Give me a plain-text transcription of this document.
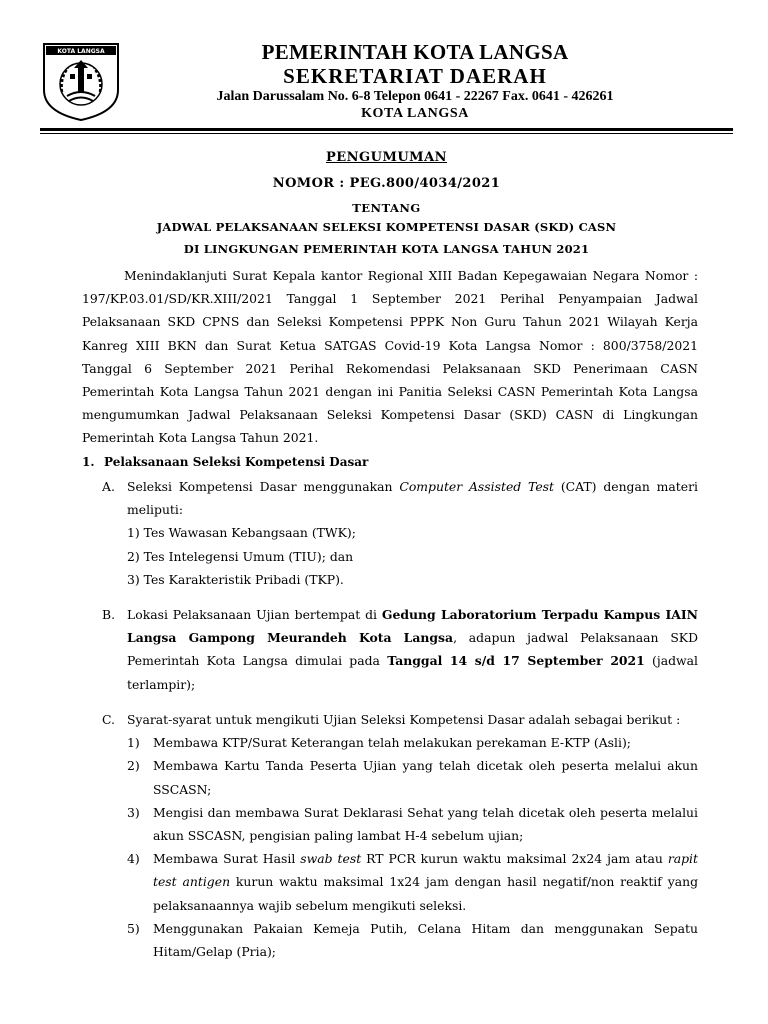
KOTA LANGSA	PEMERINTAH KOTA LANGSA
SEKRETARIAT DAERAH
Jalan Darussalam No. 6-8 Telepon 0641 - 22267 Fax. 0641 - 426261
KOTA LANGSA
PENGUMUMAN
NOMOR : PEG.800/4034/2021
TENTANG
JADWAL PELAKSANAAN SELEKSI KOMPETENSI DASAR (SKD) CASN
DI LINGKUNGAN PEMERINTAH KOTA LANGSA TAHUN 2021
Menindaklanjuti Surat Kepala kantor Regional XIII Badan Kepegawaian Negara Nomor : 197/KP.03.01/SD/KR.XIII/2021 Tanggal 1 September 2021 Perihal Penyampaian Jadwal Pelaksanaan SKD CPNS dan Seleksi Kompetensi PPPK Non Guru Tahun 2021 Wilayah Kerja Kanreg XIII BKN dan Surat Ketua SATGAS Covid-19 Kota Langsa Nomor : 800/3758/2021 Tanggal 6 September 2021 Perihal Rekomendasi Pelaksanaan SKD Penerimaan CASN Pemerintah Kota Langsa Tahun 2021 dengan ini Panitia Seleksi CASN Pemerintah Kota Langsa mengumumkan Jadwal Pelaksanaan Seleksi Kompetensi Dasar (SKD) CASN di Lingkungan Pemerintah Kota Langsa Tahun 2021.
1. Pelaksanaan Seleksi Kompetensi Dasar
A. Seleksi Kompetensi Dasar menggunakan Computer Assisted Test (CAT) dengan materi meliputi:
1) Tes Wawasan Kebangsaan (TWK);
2) Tes Intelegensi Umum (TIU); dan
3) Tes Karakteristik Pribadi (TKP).
B. Lokasi Pelaksanaan Ujian bertempat di Gedung Laboratorium Terpadu Kampus IAIN Langsa Gampong Meurandeh Kota Langsa, adapun jadwal Pelaksanaan SKD Pemerintah Kota Langsa dimulai pada Tanggal 14 s/d 17 September 2021 (jadwal terlampir);
C. Syarat-syarat untuk mengikuti Ujian Seleksi Kompetensi Dasar adalah sebagai berikut :
1) Membawa KTP/Surat Keterangan telah melakukan perekaman E-KTP (Asli);
2) Membawa Kartu Tanda Peserta Ujian yang telah dicetak oleh peserta melalui akun SSCASN;
3) Mengisi dan membawa Surat Deklarasi Sehat yang telah dicetak oleh peserta melalui akun SSCASN, pengisian paling lambat H-4 sebelum ujian;
4) Membawa Surat Hasil swab test RT PCR kurun waktu maksimal 2x24 jam atau rapit test antigen kurun waktu maksimal 1x24 jam dengan hasil negatif/non reaktif yang pelaksanaannya wajib sebelum mengikuti seleksi.
5) Menggunakan Pakaian Kemeja Putih, Celana Hitam dan menggunakan Sepatu Hitam/Gelap (Pria);
